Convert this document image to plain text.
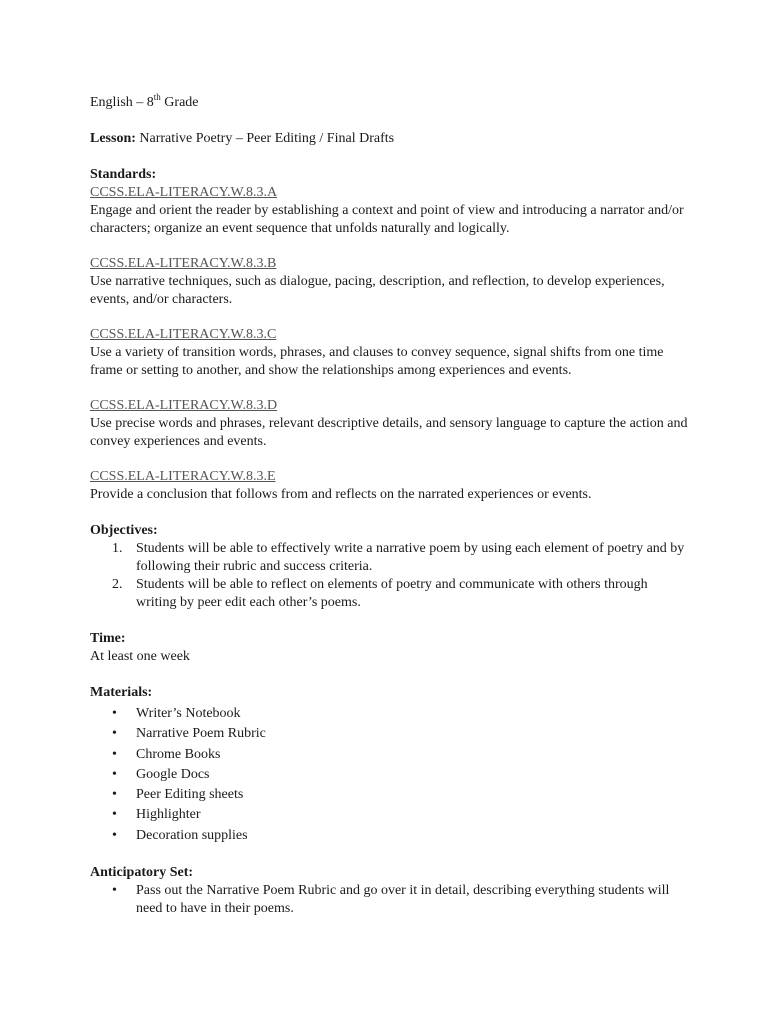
English – 8th Grade

Lesson: Narrative Poetry – Peer Editing / Final Drafts

Standards:

CCSS.ELA-LITERACY.W.8.3.A

Engage and orient the reader by establishing a context and point of view and introducing a narrator and/or characters; organize an event sequence that unfolds naturally and logically.

CCSS.ELA-LITERACY.W.8.3.B

Use narrative techniques, such as dialogue, pacing, description, and reflection, to develop experiences, events, and/or characters.

CCSS.ELA-LITERACY.W.8.3.C

Use a variety of transition words, phrases, and clauses to convey sequence, signal shifts from one time frame or setting to another, and show the relationships among experiences and events.

CCSS.ELA-LITERACY.W.8.3.D

Use precise words and phrases, relevant descriptive details, and sensory language to capture the action and convey experiences and events.

CCSS.ELA-LITERACY.W.8.3.E

Provide a conclusion that follows from and reflects on the narrated experiences or events.

Objectives:

1. Students will be able to effectively write a narrative poem by using each element of poetry and by following their rubric and success criteria.
2. Students will be able to reflect on elements of poetry and communicate with others through writing by peer edit each other’s poems.

Time:

At least one week

Materials:

• Writer’s Notebook
• Narrative Poem Rubric
• Chrome Books
• Google Docs
• Peer Editing sheets
• Highlighter
• Decoration supplies

Anticipatory Set:

• Pass out the Narrative Poem Rubric and go over it in detail, describing everything students will need to have in their poems.
